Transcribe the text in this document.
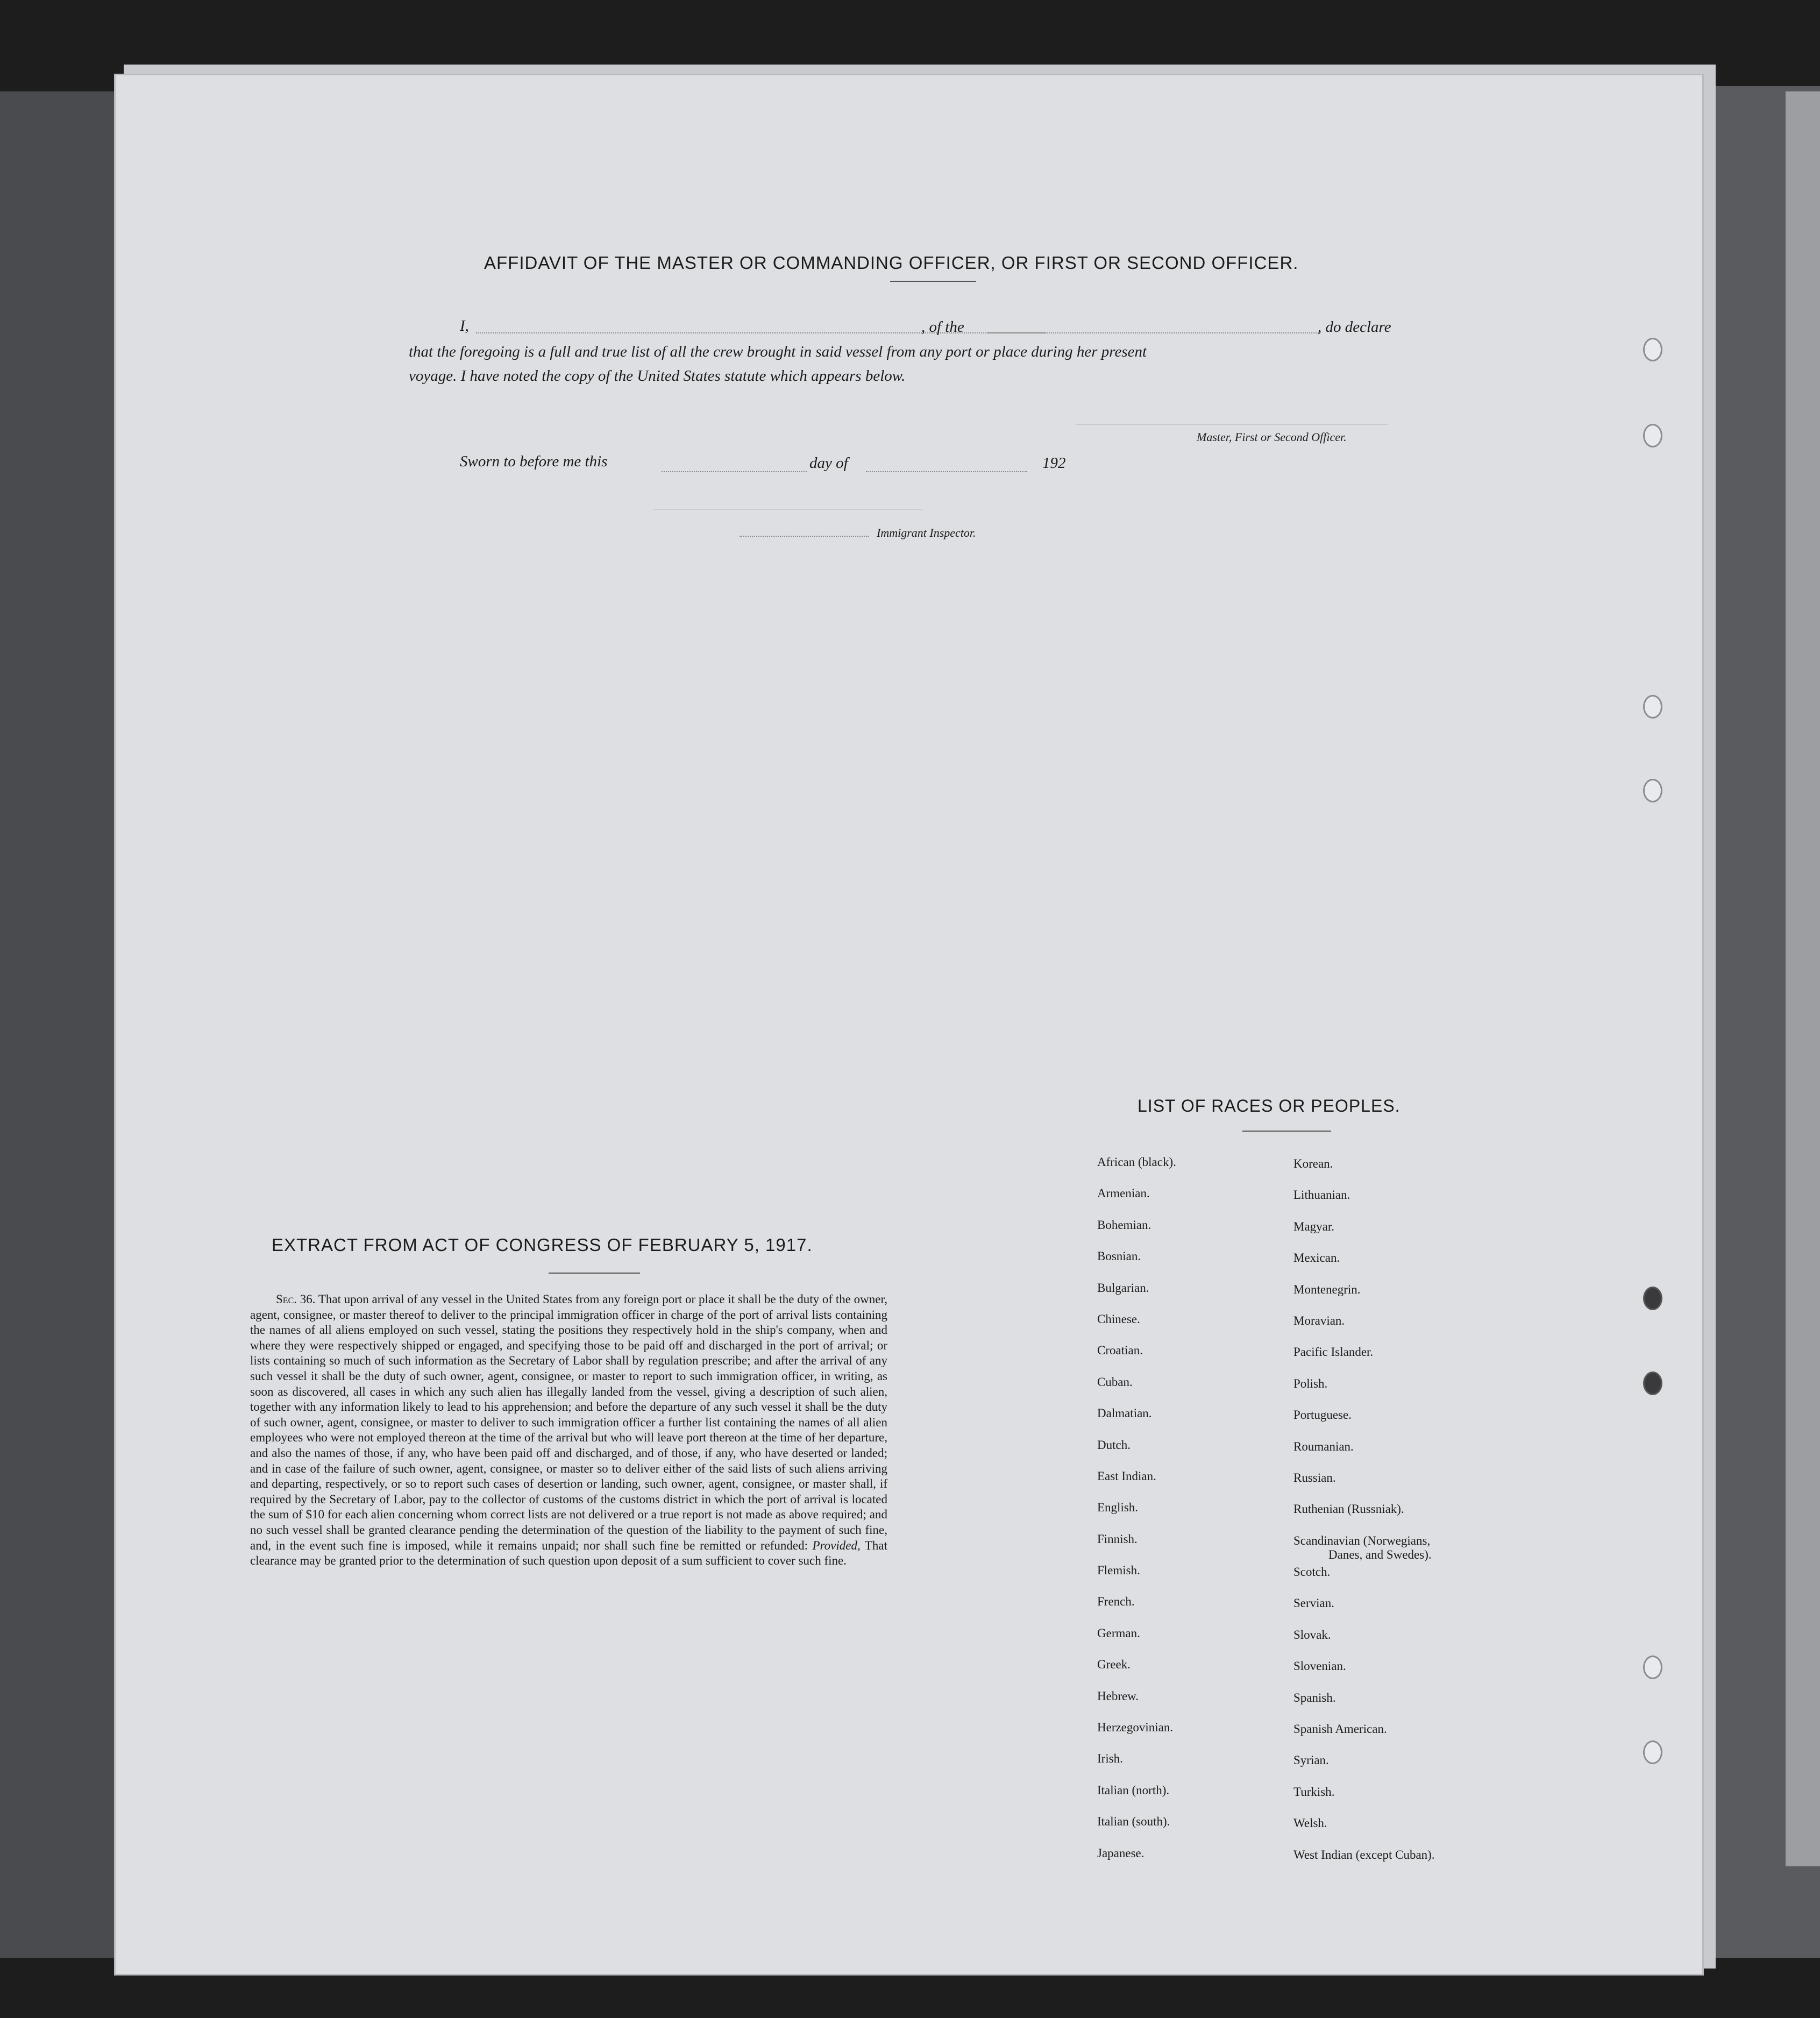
AFFIDAVIT OF THE MASTER OR COMMANDING OFFICER, OR FIRST OR SECOND OFFICER.
I,	, of the	, do declare
that the foregoing is a full and true list of all the crew brought in said vessel from any port or place during her present
voyage. I have noted the copy of the United States statute which appears below.
Master, First or Second Officer.
Sworn to before me this	day of	192
Immigrant Inspector.
EXTRACT FROM ACT OF CONGRESS OF FEBRUARY 5, 1917.
Sec. 36. That upon arrival of any vessel in the United States from any foreign port or place it shall be the duty of the owner, agent, consignee, or master thereof to deliver to the principal immigration officer in charge of the port of arrival lists containing the names of all aliens employed on such vessel, stating the positions they respectively hold in the ship's company, when and where they were respectively shipped or engaged, and specifying those to be paid off and discharged in the port of arrival; or lists containing so much of such information as the Secretary of Labor shall by regulation prescribe; and after the arrival of any such vessel it shall be the duty of such owner, agent, consignee, or master to report to such immigration officer, in writing, as soon as discovered, all cases in which any such alien has illegally landed from the vessel, giving a description of such alien, together with any information likely to lead to his apprehension; and before the departure of any such vessel it shall be the duty of such owner, agent, consignee, or master to deliver to such immigration officer a further list containing the names of all alien employees who were not employed thereon at the time of the arrival but who will leave port thereon at the time of her departure, and also the names of those, if any, who have been paid off and discharged, and of those, if any, who have deserted or landed; and in case of the failure of such owner, agent, consignee, or master so to deliver either of the said lists of such aliens arriving and departing, respectively, or so to report such cases of desertion or landing, such owner, agent, consignee, or master shall, if required by the Secretary of Labor, pay to the collector of customs of the customs district in which the port of arrival is located the sum of $10 for each alien concerning whom correct lists are not delivered or a true report is not made as above required; and no such vessel shall be granted clearance pending the determination of the question of the liability to the payment of such fine, and, in the event such fine is imposed, while it remains unpaid; nor shall such fine be remitted or refunded: Provided, That clearance may be granted prior to the determination of such question upon deposit of a sum sufficient to cover such fine.
LIST OF RACES OR PEOPLES.
African (black).
Armenian.
Bohemian.
Bosnian.
Bulgarian.
Chinese.
Croatian.
Cuban.
Dalmatian.
Dutch.
East Indian.
English.
Finnish.
Flemish.
French.
German.
Greek.
Hebrew.
Herzegovinian.
Irish.
Italian (north).
Italian (south).
Japanese.
Korean.
Lithuanian.
Magyar.
Mexican.
Montenegrin.
Moravian.
Pacific Islander.
Polish.
Portuguese.
Roumanian.
Russian.
Ruthenian (Russniak).
Scandinavian (Norwegians,
Scotch.
Servian.
Slovak.
Slovenian.
Spanish.
Spanish American.
Syrian.
Turkish.
Welsh.
West Indian (except Cuban).
Danes, and Swedes).
